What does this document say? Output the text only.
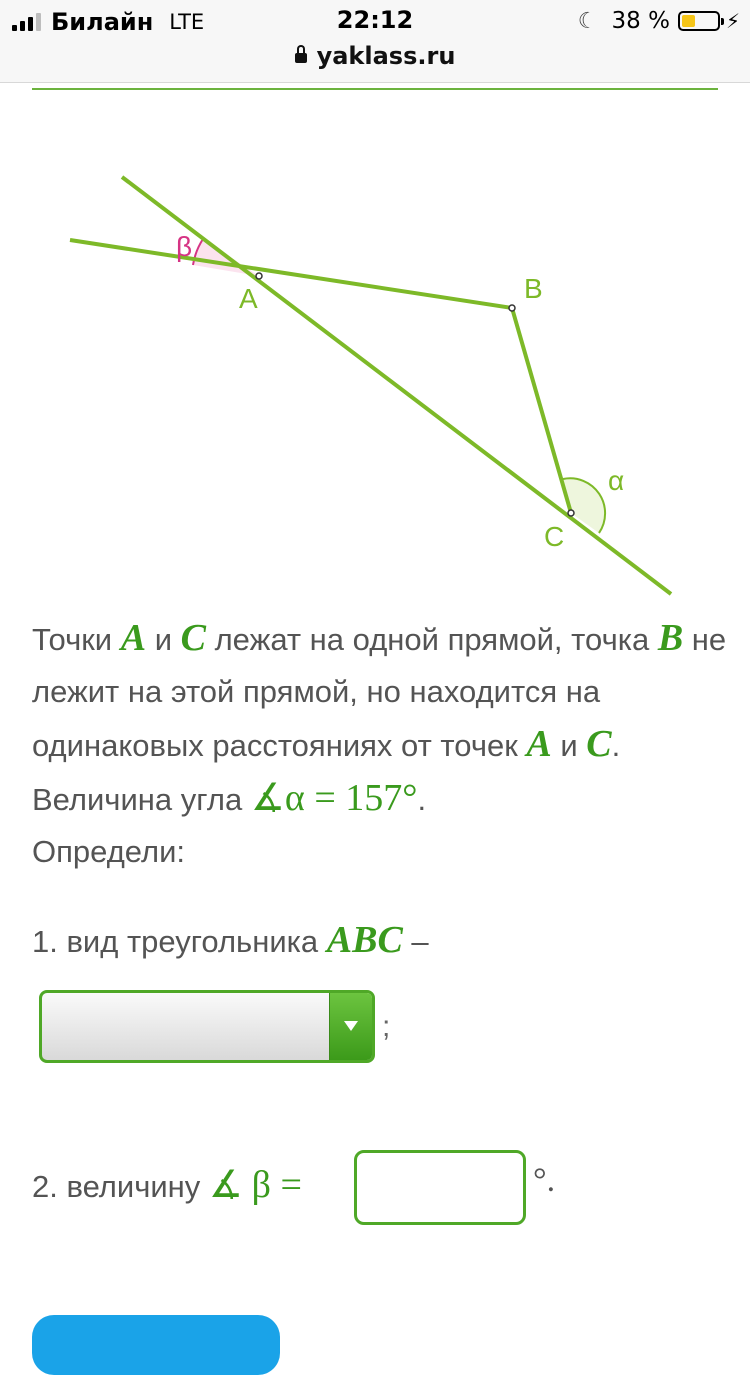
Билайн LTE	22:12	☾ 38 %	⚡
yaklass.ru
A	B
C
α
β
Точки A и C лежат на одной прямой, точка B не лежит на этой прямой, но находится на одинаковых расстояниях от точек A и C.
Величина угла ∡α = 157°.
Определи:
1. вид треугольника ABC –
;
2. величину ∡ β =	°.
